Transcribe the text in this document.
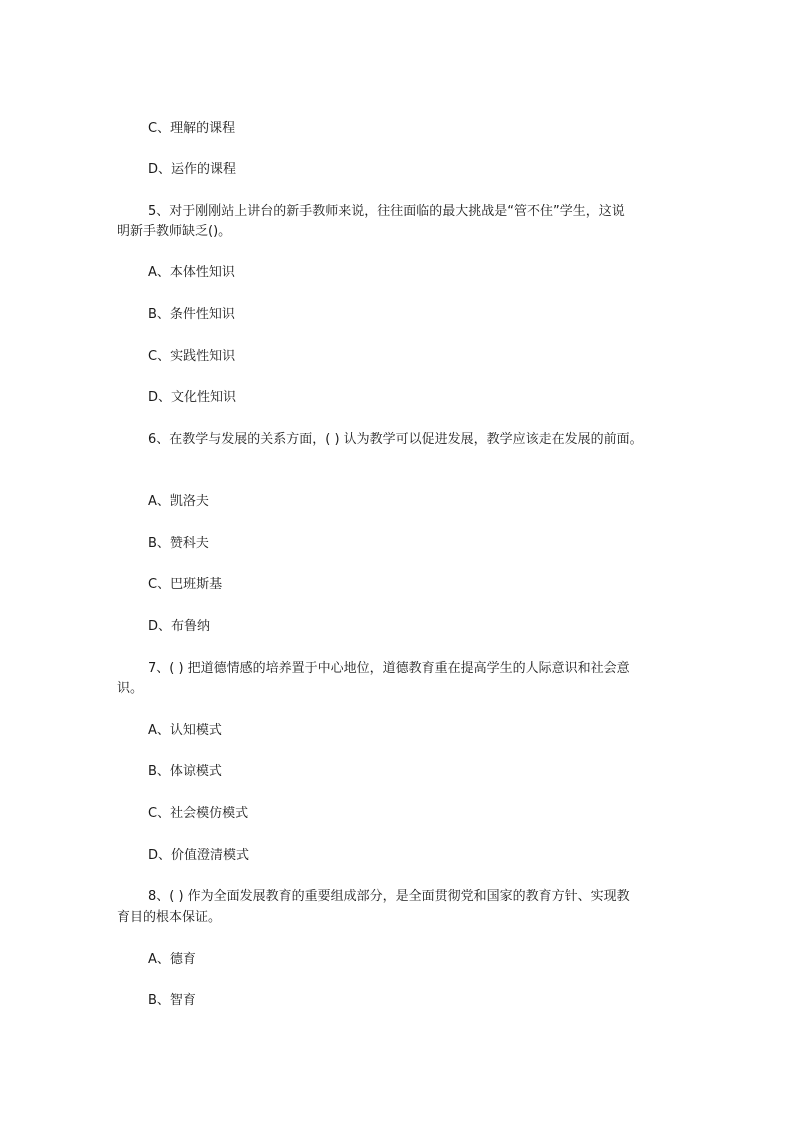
C、理解的课程
D、运作的课程
5、对于刚刚站上讲台的新手教师来说，往往面临的最大挑战是“管不住”学生，这说
明新手教师缺乏()。
A、本体性知识
B、条件性知识
C、实践性知识
D、文化性知识
6、在教学与发展的关系方面，( ) 认为教学可以促进发展，教学应该走在发展的前面。
A、凯洛夫
B、赞科夫
C、巴班斯基
D、布鲁纳
7、( ) 把道德情感的培养置于中心地位，道德教育重在提高学生的人际意识和社会意
识。
A、认知模式
B、体谅模式
C、社会模仿模式
D、价值澄清模式
8、( ) 作为全面发展教育的重要组成部分，是全面贯彻党和国家的教育方针、实现教
育目的根本保证。
A、德育
B、智育
